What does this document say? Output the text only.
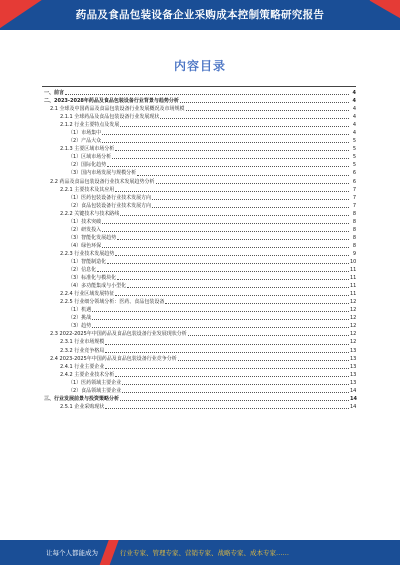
药品及食品包装设备企业采购成本控制策略研究报告
内容目录
一、前言	4
二、2023-2028年药品及食品包装设备行业背景与趋势分析	4
2.1 全球及中国药品及食品包装设备行业发展概况及市场规模	4
2.1.1 全球药品及食品包装设备行业发展现状	4
2.1.2 行业主要特点及发展	4
（1）市场集中	4
（2）产品大众	5
2.1.3 主要区域市场分析	5
（1）区域市场分析	5
（2）国际化趋势	5
（3）国内市场发展与规模分析	6
2.2 药品及食品包装设备行业技术发展趋势分析	6
2.2.1 主要技术及其应用	7
（1）医药包装设备行业技术发展方向	7
（2）食品包装设备行业技术发展方向	7
2.2.2 关键技术与技术路线	8
（1）技术突破	8
（2）研发投入	8
（3）智能化发展趋势	8
（4）绿色环保	8
2.2.3 行业技术发展趋势	9
（1）智能制造化	10
（2）信息化	11
（3）标准化与模块化	11
（4）多功能集成与小型化	11
2.2.4 行业区域发展特征	11
2.2.5 行业细分领域分析：医药、食品包装设备	12
（1）机遇	12
（2）挑战	12
（3）趋势	12
2.3 2022-2025年中国药品及食品包装设备行业发展现状分析	12
2.3.1 行业市场规模	12
2.3.2 行业竞争格局	13
2.4 2023-2025年中国药品及食品包装设备行业竞争分析	13
2.4.1 行业主要企业	13
2.4.2 主要企业技术分析	13
（1）医药领域主要企业	13
（2）食品领域主要企业	14
三、行业发展前景与投资策略分析	14
2.5.1 企业采购现状	14
让每个人都能成为	行业专家、管理专家、营销专家、战略专家、成本专家……
